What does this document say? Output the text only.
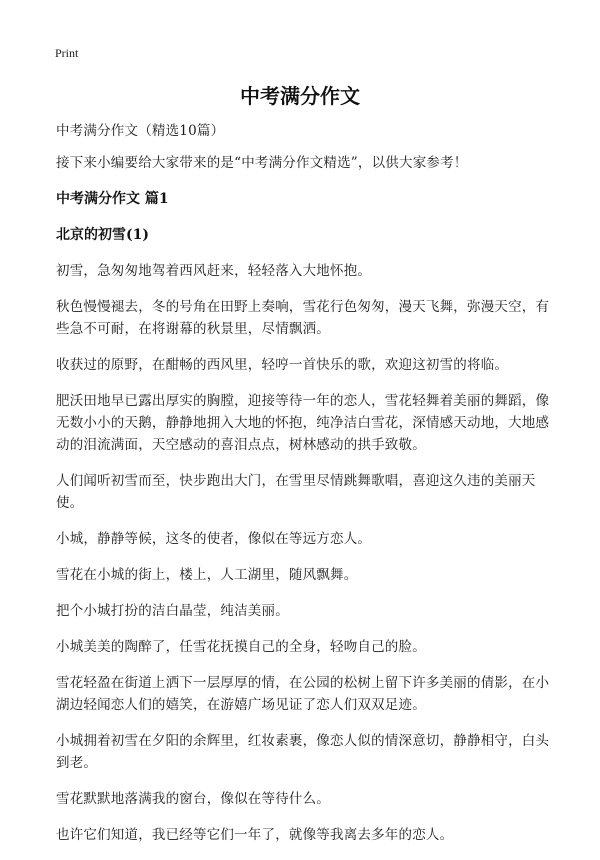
Print
中考满分作文

中考满分作文（精选10篇）

接下来小编要给大家带来的是“中考满分作文精选”，以供大家参考！

中考满分作文 篇1
北京的初雪(1)

初雪，急匆匆地驾着西风赶来，轻轻落入大地怀抱。

秋色慢慢褪去，冬的号角在田野上奏响，雪花行色匆匆，漫天飞舞，弥漫天空，有些急不可耐，在将谢幕的秋景里，尽情飘洒。

收获过的原野，在酣畅的西风里，轻哼一首快乐的歌，欢迎这初雪的将临。

肥沃田地早已露出厚实的胸膛，迎接等待一年的恋人，雪花轻舞着美丽的舞蹈，像无数小小的天鹅，静静地拥入大地的怀抱，纯净洁白雪花，深情感天动地，大地感动的泪流满面，天空感动的喜泪点点，树林感动的拱手致敬。

人们闻听初雪而至，快步跑出大门，在雪里尽情跳舞歌唱，喜迎这久违的美丽天使。

小城，静静等候，这冬的使者，像似在等远方恋人。

雪花在小城的街上，楼上，人工湖里，随风飘舞。

把个小城打扮的洁白晶莹，纯洁美丽。

小城美美的陶醉了，任雪花抚摸自己的全身，轻吻自己的脸。

雪花轻盈在街道上洒下一层厚厚的情，在公园的松树上留下许多美丽的倩影，在小湖边轻闻恋人们的嬉笑，在游嬉广场见证了恋人们双双足迹。

小城拥着初雪在夕阳的余辉里，红妆素裹，像恋人似的情深意切，静静相守，白头到老。

雪花默默地落满我的窗台，像似在等待什么。

也许它们知道，我已经等它们一年了，就像等我离去多年的恋人。
